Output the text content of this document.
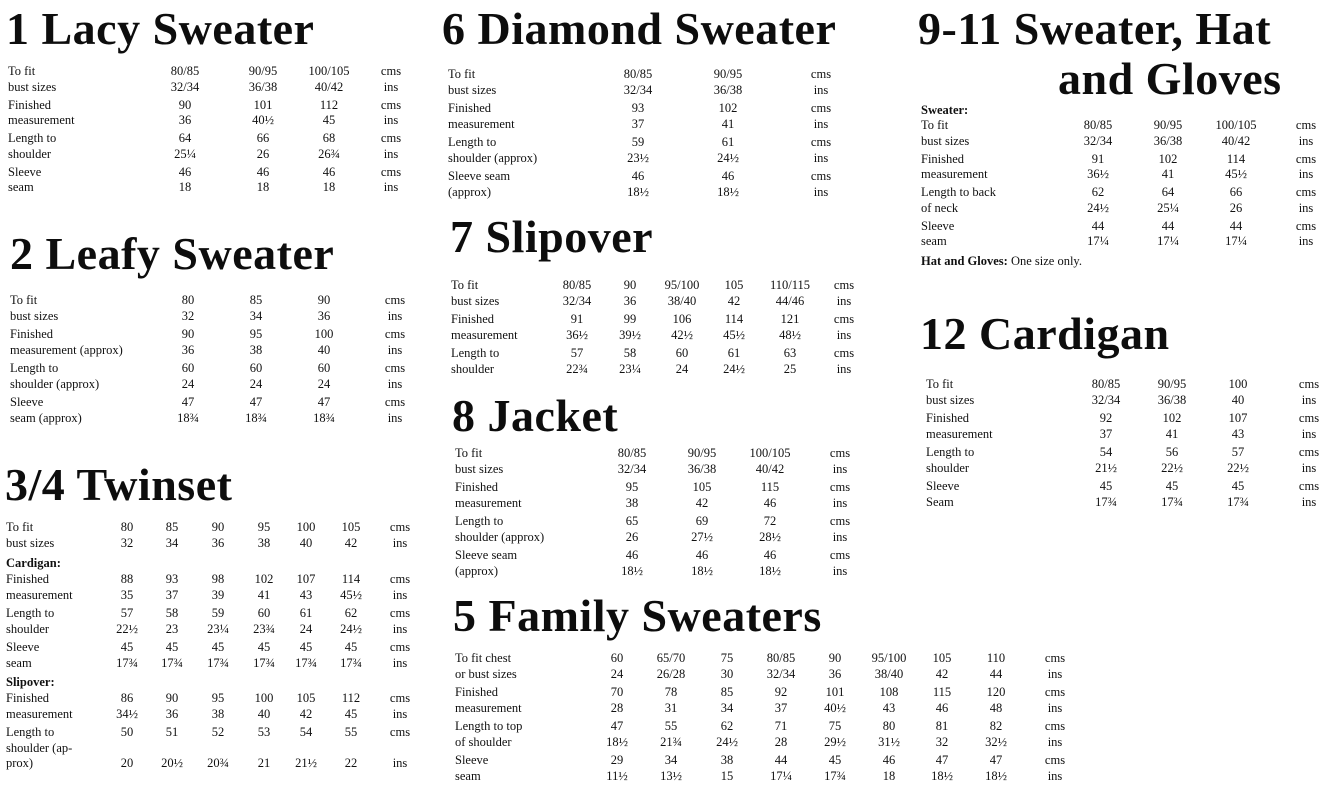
1 Lacy Sweater
To fit
bust sizes
80/85
32/34
90/95
36/38
100/105
40/42
cms
ins
Finished
measurement
90
36
101
40½
112
45
cms
ins
Length to
shoulder
64
25¼
66
26
68
26¾
cms
ins
Sleeve
seam
46
18
46
18
46
18
cms
ins
2 Leafy Sweater
To fit
bust sizes
80
32
85
34
90
36
cms
ins
Finished
measurement (approx)
90
36
95
38
100
40
cms
ins
Length to
shoulder (approx)
60
24
60
24
60
24
cms
ins
Sleeve
seam (approx)
47
18¾
47
18¾
47
18¾
cms
ins
3/4 Twinset
To fit
bust sizes
80
32
85
34
90
36
95
38
100
40
105
42
cms
ins
Cardigan:
Finished
measurement
88
35
93
37
98
39
102
41
107
43
114
45½
cms
ins
Length to
shoulder
57
22½
58
23
59
23¼
60
23¾
61
24
62
24½
cms
ins
Sleeve
seam
45
17¾
45
17¾
45
17¾
45
17¾
45
17¾
45
17¾
cms
ins
Slipover:
Finished
measurement
86
34½
90
36
95
38
100
40
105
42
112
45
cms
ins
Length to
shoulder (ap-
prox)
50

20
51

20½
52

20¾
53

21
54

21½
55

22
cms

ins
6 Diamond Sweater
To fit
bust sizes
80/85
32/34
90/95
36/38
cms
ins
Finished
measurement
93
37
102
41
cms
ins
Length to
shoulder (approx)
59
23½
61
24½
cms
ins
Sleeve seam
(approx)
46
18½
46
18½
cms
ins
7 Slipover
To fit
bust sizes
80/85
32/34
90
36
95/100
38/40
105
42
110/115
44/46
cms
ins
Finished
measurement
91
36½
99
39½
106
42½
114
45½
121
48½
cms
ins
Length to
shoulder
57
22¾
58
23¼
60
24
61
24½
63
25
cms
ins
8 Jacket
To fit
bust sizes
80/85
32/34
90/95
36/38
100/105
40/42
cms
ins
Finished
measurement
95
38
105
42
115
46
cms
ins
Length to
shoulder (approx)
65
26
69
27½
72
28½
cms
ins
Sleeve seam
(approx)
46
18½
46
18½
46
18½
cms
ins
5 Family Sweaters
To fit chest
or bust sizes
60
24
65/70
26/28
75
30
80/85
32/34
90
36
95/100
38/40
105
42
110
44
cms
ins
Finished
measurement
70
28
78
31
85
34
92
37
101
40½
108
43
115
46
120
48
cms
ins
Length to top
of shoulder
47
18½
55
21¾
62
24½
71
28
75
29½
80
31½
81
32
82
32½
cms
ins
Sleeve
seam
29
11½
34
13½
38
15
44
17¼
45
17¾
46
18
47
18½
47
18½
cms
ins
9-11 Sweater, Hat
and Gloves
Sweater:
To fit
bust sizes
80/85
32/34
90/95
36/38
100/105
40/42
cms
ins
Finished
measurement
91
36½
102
41
114
45½
cms
ins
Length to back
of neck
62
24½
64
25¼
66
26
cms
ins
Sleeve
seam
44
17¼
44
17¼
44
17¼
cms
ins
Hat and Gloves: One size only.
12 Cardigan
To fit
bust sizes
80/85
32/34
90/95
36/38
100
40
cms
ins
Finished
measurement
92
37
102
41
107
43
cms
ins
Length to
shoulder
54
21½
56
22½
57
22½
cms
ins
Sleeve
Seam
45
17¾
45
17¾
45
17¾
cms
ins
